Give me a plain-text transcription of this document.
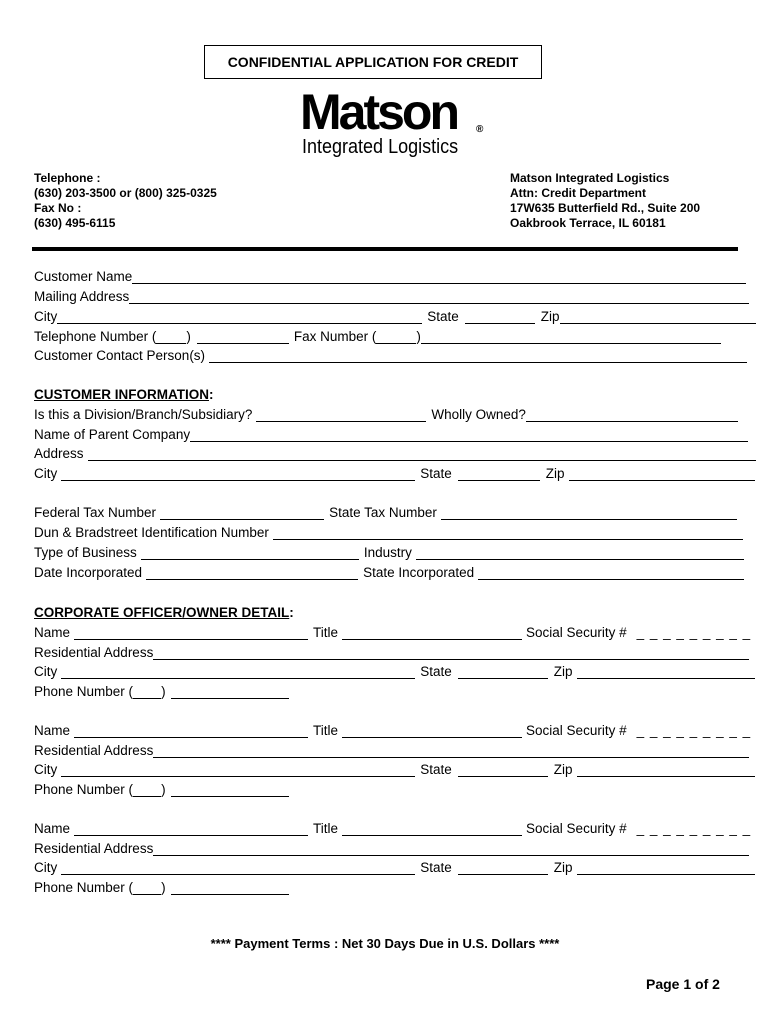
CONFIDENTIAL APPLICATION FOR CREDIT
Matson ®
Integrated Logistics
Telephone :
(630) 203-3500 or (800) 325-0325
Fax No :
(630) 495-6115
Matson Integrated Logistics
Attn: Credit Department
17W635 Butterfield Rd., Suite 200
Oakbrook Terrace, IL 60181
Customer Name
Mailing Address
City	State	Zip
Telephone Number ( )	Fax Number (	)
Customer Contact Person(s)
CUSTOMER INFORMATION :
Is this a Division/Branch/Subsidiary?	Wholly Owned?
Name of Parent Company
Address
City	State	Zip
Federal Tax Number	State Tax Number
Dun & Bradstreet Identification Number
Type of Business	Industry
Date Incorporated	State Incorporated
CORPORATE OFFICER/OWNER DETAIL :
Name	Title	Social Security # _ _ _ _ _ _ _ _ _
Residential Address
City	State	Zip
Phone Number ( )
Name	Title	Social Security # _ _ _ _ _ _ _ _ _
Residential Address
City	State	Zip
Phone Number ( )
Name	Title	Social Security # _ _ _ _ _ _ _ _ _
Residential Address
City	State	Zip
Phone Number ( )
**** Payment Terms : Net 30 Days Due in U.S. Dollars ****
Page 1 of 2
